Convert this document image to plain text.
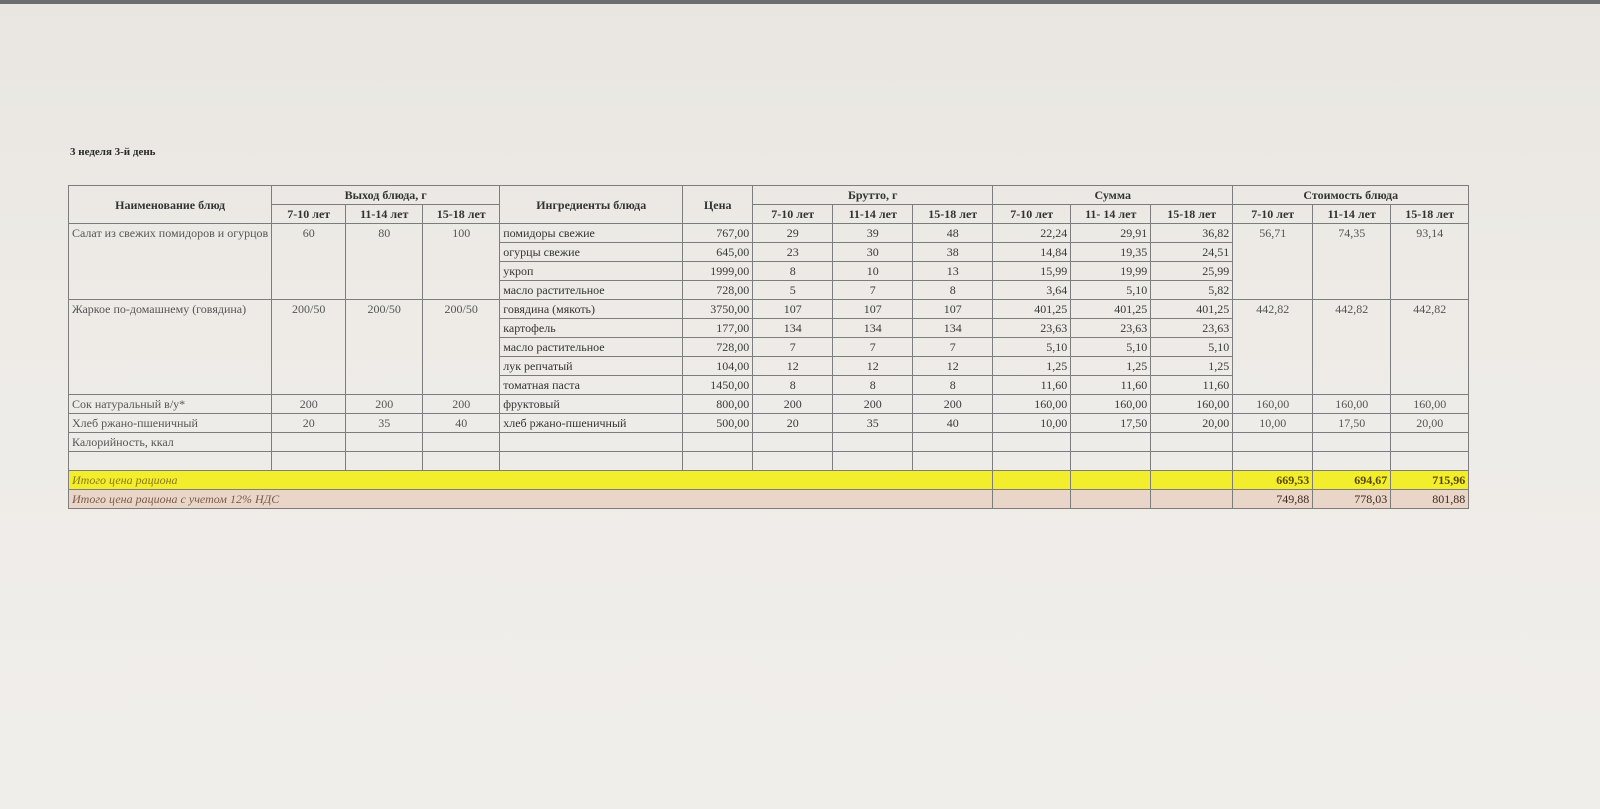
3 неделя 3-й день
Наименование блюд	Выход блюда, г			Ингредиенты блюда	Цена	Брутто, г			Сумма			Стоимость блюда		
	7-10 лет	11-14 лет	15-18 лет			7-10 лет	11-14 лет	15-18 лет	7-10 лет	11- 14 лет	15-18 лет	7-10 лет	11-14 лет	15-18 лет
Салат из свежих помидоров и огурцов	60	80	100	помидоры свежие	767,00	29	39	48	22,24	29,91	36,82	56,71	74,35	93,14
				огурцы свежие	645,00	23	30	38	14,84	19,35	24,51			
				укроп	1999,00	8	10	13	15,99	19,99	25,99			
				масло растительное	728,00	5	7	8	3,64	5,10	5,82			
Жаркое по-домашнему (говядина)	200/50	200/50	200/50	говядина (мякоть)	3750,00	107	107	107	401,25	401,25	401,25	442,82	442,82	442,82
				картофель	177,00	134	134	134	23,63	23,63	23,63			
				масло растительное	728,00	7	7	7	5,10	5,10	5,10			
				лук репчатый	104,00	12	12	12	1,25	1,25	1,25			
				томатная паста	1450,00	8	8	8	11,60	11,60	11,60			
Сок натуральный в/у*	200	200	200	фруктовый	800,00	200	200	200	160,00	160,00	160,00	160,00	160,00	160,00
Хлеб ржано-пшеничный	20	35	40	хлеб ржано-пшеничный	500,00	20	35	40	10,00	17,50	20,00	10,00	17,50	20,00
Калорийность, ккал														

Итого цена рациона												669,53	694,67	715,96
Итого цена рациона с учетом 12% НДС												749,88	778,03	801,88
